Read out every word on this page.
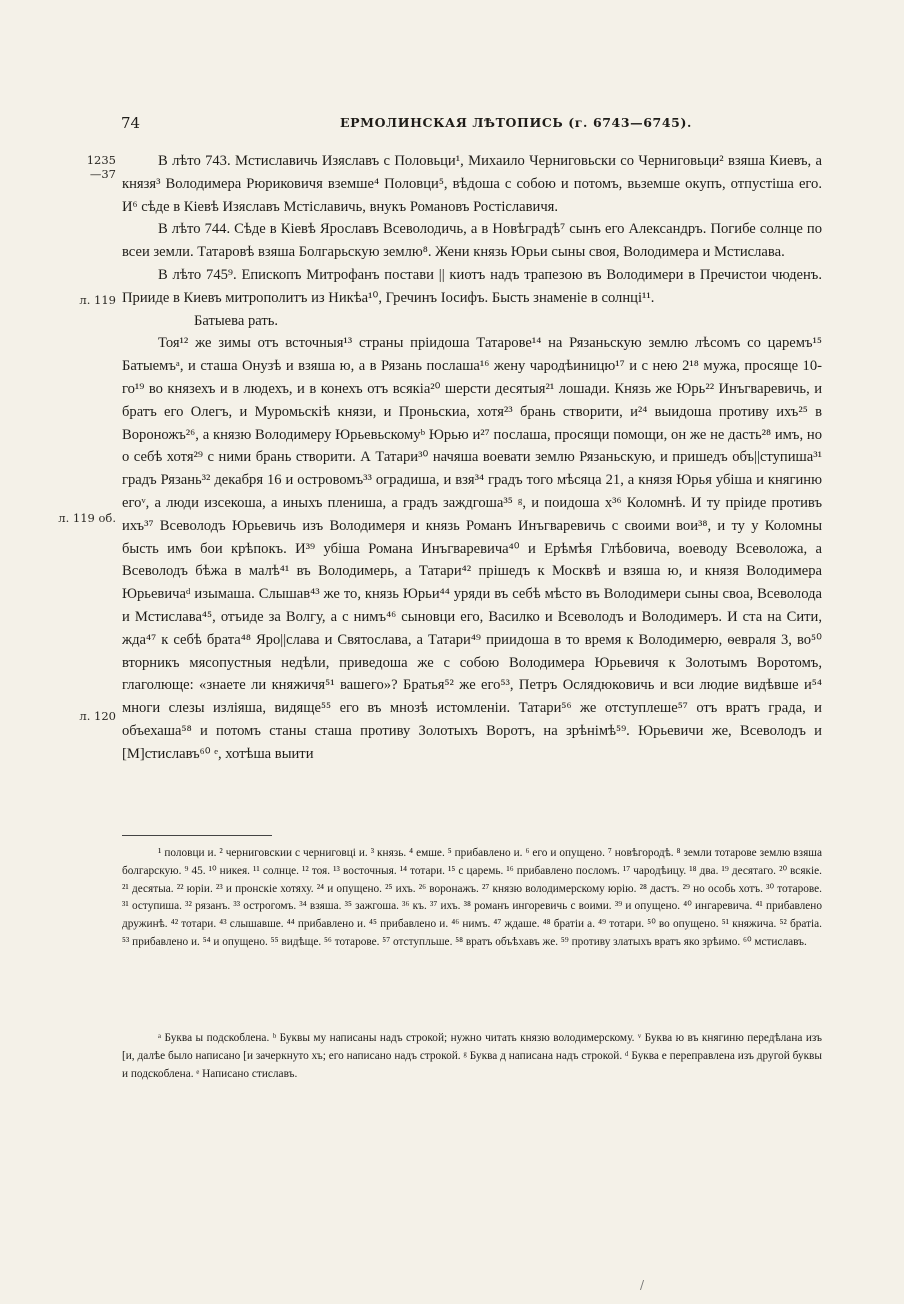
74	ЕРМОЛИНСКАЯ ЛѢТОПИСЬ (г. 6743—6745).
1235
—37
л. 119
л. 119 об.
л. 120

В лѣто 743. Мстиславичь Изяславъ с Половьци¹, Михаило Черниговьски со Черниговьци² взяша Киевъ, а князя³ Володимера Рюриковичя вземше⁴ Половци⁵, вѣдоша с собою и потомъ, вьземше окупъ, отпустіша его. И⁶ сѣде в Кіевѣ Изяславъ Мстіславичь, внукъ Романовъ Ростіславичя.

В лѣто 744. Сѣде в Кіевѣ Ярославъ Всеволодичь, а в Новѣградѣ⁷ сынъ его Александръ. Погибе солнце по всеи земли. Татаровѣ взяша Болгарьскую землю⁸. Жени князь Юрьи сыны своя, Володимера и Мстислава.

В лѣто 745⁹. Епископъ Митрофанъ постави || киотъ надъ трапезою въ Володимери в Пречистои чюденъ. Прииде в Киевъ митрополитъ из Никѣа¹⁰, Гречинъ Іосифъ. Бысть знаменіе в солнці¹¹.

Батыева рать.

Тоя¹² же зимы отъ всточныя¹³ страны прiидоша Татарове¹⁴ на Рязаньскую землю лѣсомъ со царемъ¹⁵ Батыемъᵃ, и сташа Онузѣ и взяша ю, а в Рязань послаша¹⁶ жену чародѣиницю¹⁷ и с нею 2¹⁸ мужа, просяще 10-го¹⁹ во князехъ и в людехъ, и в конехъ отъ всякіа²⁰ шерсти десятыя²¹ лошади. Князь же Юрь²² Инъгваревичь, и братъ его Олегъ, и Муромьскiѣ князи, и Проньскиа, хотя²³ брань створити, и²⁴ выидоша противу ихъ²⁵ в Вороножъ²⁶, а князю Володимеру Юрьевьскомуᵇ Юрью и²⁷ послаша, просящи помощи, он же не дасть²⁸ имъ, но о себѣ хотя²⁹ с ними брань створити. А Татари³⁰ начяша воевати землю Рязаньскую, и пришедъ объ||ступиша³¹ градъ Рязань³² декабря 16 и островомъ³³ оградиша, и взя³⁴ градъ того мѣсяца 21, а князя Юрья убiша и княгиню егоᵛ, а люди изсекоша, а иныхъ плениша, а градъ заждгоша³⁵ ᵍ, и поидоша х³⁶ Коломнѣ. И ту прiиде противъ ихъ³⁷ Всеволодъ Юрьевичь изъ Володимеря и князь Романъ Инъгваревичь с своими вои³⁸, и ту у Коломны бысть имъ бои крѣпокъ. И³⁹ убiша Романа Инъгваревича⁴⁰ и Ерѣмѣя Глѣбовича, воеводу Всеволожа, а Всеволодъ бѣжа в малѣ⁴¹ въ Володимерь, а Татари⁴² прiшедъ к Москвѣ и взяша ю, и князя Володимера Юрьевичаᵈ изымаша. Слышав⁴³ же то, князь Юрьи⁴⁴ уряди въ себѣ мѣсто въ Володимери сыны своа, Всеволода и Мстислава⁴⁵, отъиде за Волгу, а с нимъ⁴⁶ сыновци его, Василко и Всеволодъ и Володимеръ. И ста на Сити, жда⁴⁷ к себѣ брата⁴⁸ Яро||слава и Святослава, а Татари⁴⁹ приидоша в то время к Володимерю, ѳевраля 3, во⁵⁰ вторникъ мясопустныя недѣли, приведоша же с собою Володимера Юрьевичя к Золотымъ Воротомъ, глаголюще: «знаете ли княжичя⁵¹ вашего»? Братья⁵² же его⁵³, Петръ Ослядюковичь и вси людие видѣвше и⁵⁴ многи слезы изліяша, видяще⁵⁵ его въ мнозѣ истомленіи. Татари⁵⁶ же отступлеше⁵⁷ отъ вратъ града, и объехаша⁵⁸ и потомъ станы сташа противу Золотыхъ Воротъ, на зрѣнiмѣ⁵⁹. Юрьевичи же, Всеволодъ и [М]стиславъ⁶⁰ ᵉ, хотѣша выити

¹ половци и. ² черниговскии с черниговці и. ³ князь. ⁴ емше. ⁵ прибавлено и. ⁶ его и опущено. ⁷ новѣгородѣ. ⁸ земли тотарове землю взяша болгарскую. ⁹ 45. ¹⁰ никея. ¹¹ солнце. ¹² тоя. ¹³ восточныя. ¹⁴ тотари. ¹⁵ с царемь. ¹⁶ прибавлено посломъ. ¹⁷ чародѣицу. ¹⁸ два. ¹⁹ десятаго. ²⁰ всякіе. ²¹ десятыа. ²² юріи. ²³ и пронскіе хотяху. ²⁴ и опущено. ²⁵ ихъ. ²⁶ воронажъ. ²⁷ князю володимерскому юрію. ²⁸ дастъ. ²⁹ но особь хотъ. ³⁰ тотарове. ³¹ оступиша. ³² рязанъ. ³³ острогомъ. ³⁴ взяша. ³⁵ зажгоша. ³⁶ къ. ³⁷ ихъ. ³⁸ романъ ингоревичь с воими. ³⁹ и опущено. ⁴⁰ ингаревича. ⁴¹ прибавлено дружинѣ. ⁴² тотари. ⁴³ слышавше. ⁴⁴ прибавлено и. ⁴⁵ прибавлено и. ⁴⁶ нимъ. ⁴⁷ ждаше. ⁴⁸ братiи а. ⁴⁹ тотари. ⁵⁰ во опущено. ⁵¹ княжича. ⁵² братіа. ⁵³ прибавлено и. ⁵⁴ и опущено. ⁵⁵ видѣще. ⁵⁶ тотарове. ⁵⁷ отступльше. ⁵⁸ вратъ объѣхавъ же. ⁵⁹ противу златыхъ вратъ яко зрѣимо. ⁶⁰ мстиславъ.

ᵃ Буква ы подскоблена. ᵇ Буквы му написаны надъ строкой; нужно читать князю володимерскому. ᵛ Буква ю въ княгиню передѣлана изъ [и, далѣе было написано [и зачеркнуто хъ; его написано надъ строкой. ᵍ Буква д написана надъ строкой. ᵈ Буква е переправлена изъ другой буквы и подскоблена. ᵉ Написано стиславъ.

/
